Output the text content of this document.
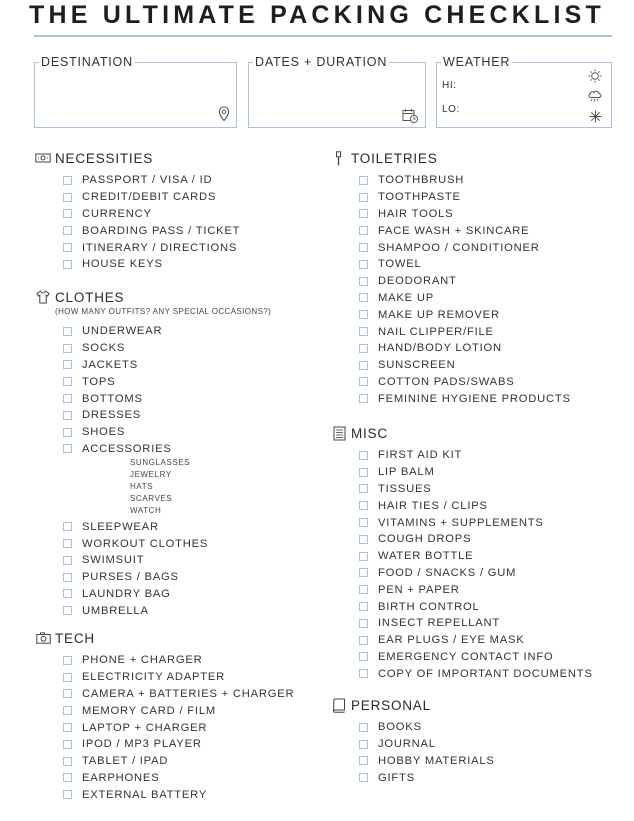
THE ULTIMATE PACKING CHECKLIST
DESTINATION	DATES + DURATION	WEATHER
HI:
LO:
NECESSITIES
PASSPORT / VISA / ID
CREDIT/DEBIT CARDS
CURRENCY
BOARDING PASS / TICKET
ITINERARY / DIRECTIONS
HOUSE KEYS
CLOTHES
(HOW MANY OUTFITS? ANY SPECIAL OCCASIONS?)
UNDERWEAR
SOCKS
JACKETS
TOPS
BOTTOMS
DRESSES
SHOES
ACCESSORIES
SUNGLASSES
JEWELRY
HATS
SCARVES
WATCH
SLEEPWEAR
WORKOUT CLOTHES
SWIMSUIT
PURSES / BAGS
LAUNDRY BAG
UMBRELLA
TECH
PHONE + CHARGER
ELECTRICITY ADAPTER
CAMERA + BATTERIES + CHARGER
MEMORY CARD / FILM
LAPTOP + CHARGER
IPOD / MP3 PLAYER
TABLET / IPAD
EARPHONES
EXTERNAL BATTERY
TOILETRIES
TOOTHBRUSH
TOOTHPASTE
HAIR TOOLS
FACE WASH + SKINCARE
SHAMPOO / CONDITIONER
TOWEL
DEODORANT
MAKE UP
MAKE UP REMOVER
NAIL CLIPPER/FILE
HAND/BODY LOTION
SUNSCREEN
COTTON PADS/SWABS
FEMININE HYGIENE PRODUCTS
MISC
FIRST AID KIT
LIP BALM
TISSUES
HAIR TIES / CLIPS
VITAMINS + SUPPLEMENTS
COUGH DROPS
WATER BOTTLE
FOOD / SNACKS / GUM
PEN + PAPER
BIRTH CONTROL
INSECT REPELLANT
EAR PLUGS / EYE MASK
EMERGENCY CONTACT INFO
COPY OF IMPORTANT DOCUMENTS
PERSONAL
BOOKS
JOURNAL
HOBBY MATERIALS
GIFTS
